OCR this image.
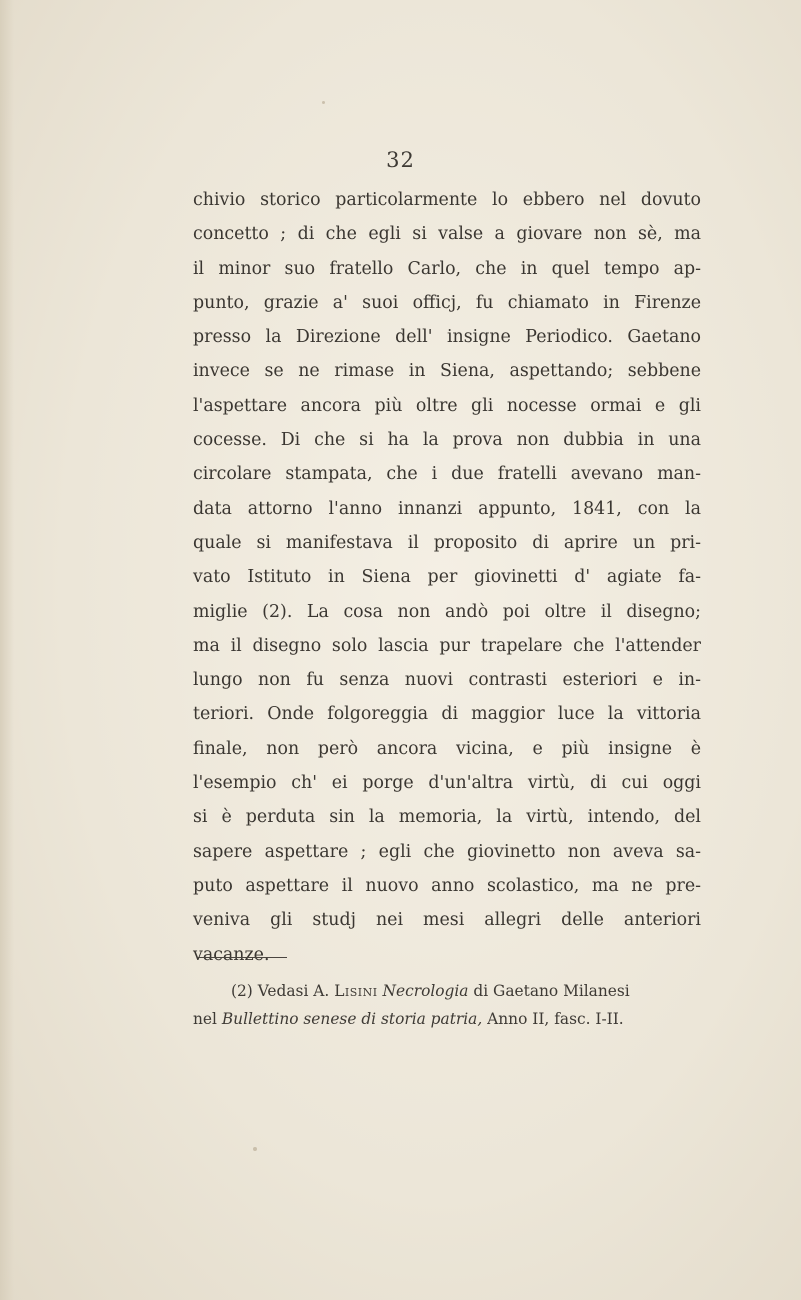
32
chivio storico particolarmente lo ebbero nel dovuto
concetto ; di che egli si valse a giovare non sè, ma
il minor suo fratello Carlo, che in quel tempo ap-
punto, grazie a' suoi officj, fu chiamato in Firenze
presso la Direzione dell' insigne Periodico. Gaetano
invece se ne rimase in Siena, aspettando; sebbene
l'aspettare ancora più oltre gli nocesse ormai e gli
cocesse. Di che si ha la prova non dubbia in una
circolare stampata, che i due fratelli avevano man-
data attorno l'anno innanzi appunto, 1841, con la
quale si manifestava il proposito di aprire un pri-
vato Istituto in Siena per giovinetti d' agiate fa-
miglie (2). La cosa non andò poi oltre il disegno;
ma il disegno solo lascia pur trapelare che l'attender
lungo non fu senza nuovi contrasti esteriori e in-
teriori. Onde folgoreggia di maggior luce la vittoria
finale, non però ancora vicina, e più insigne è
l'esempio ch' ei porge d'un'altra virtù, di cui oggi
si è perduta sin la memoria, la virtù, intendo, del
sapere aspettare ; egli che giovinetto non aveva sa-
puto aspettare il nuovo anno scolastico, ma ne pre-
veniva gli studj nei mesi allegri delle anteriori
vacanze.
(2) Vedasi A. Lisini Necrologia di Gaetano Milanesi
nel Bullettino senese di storia patria, Anno II, fasc. I-II.
